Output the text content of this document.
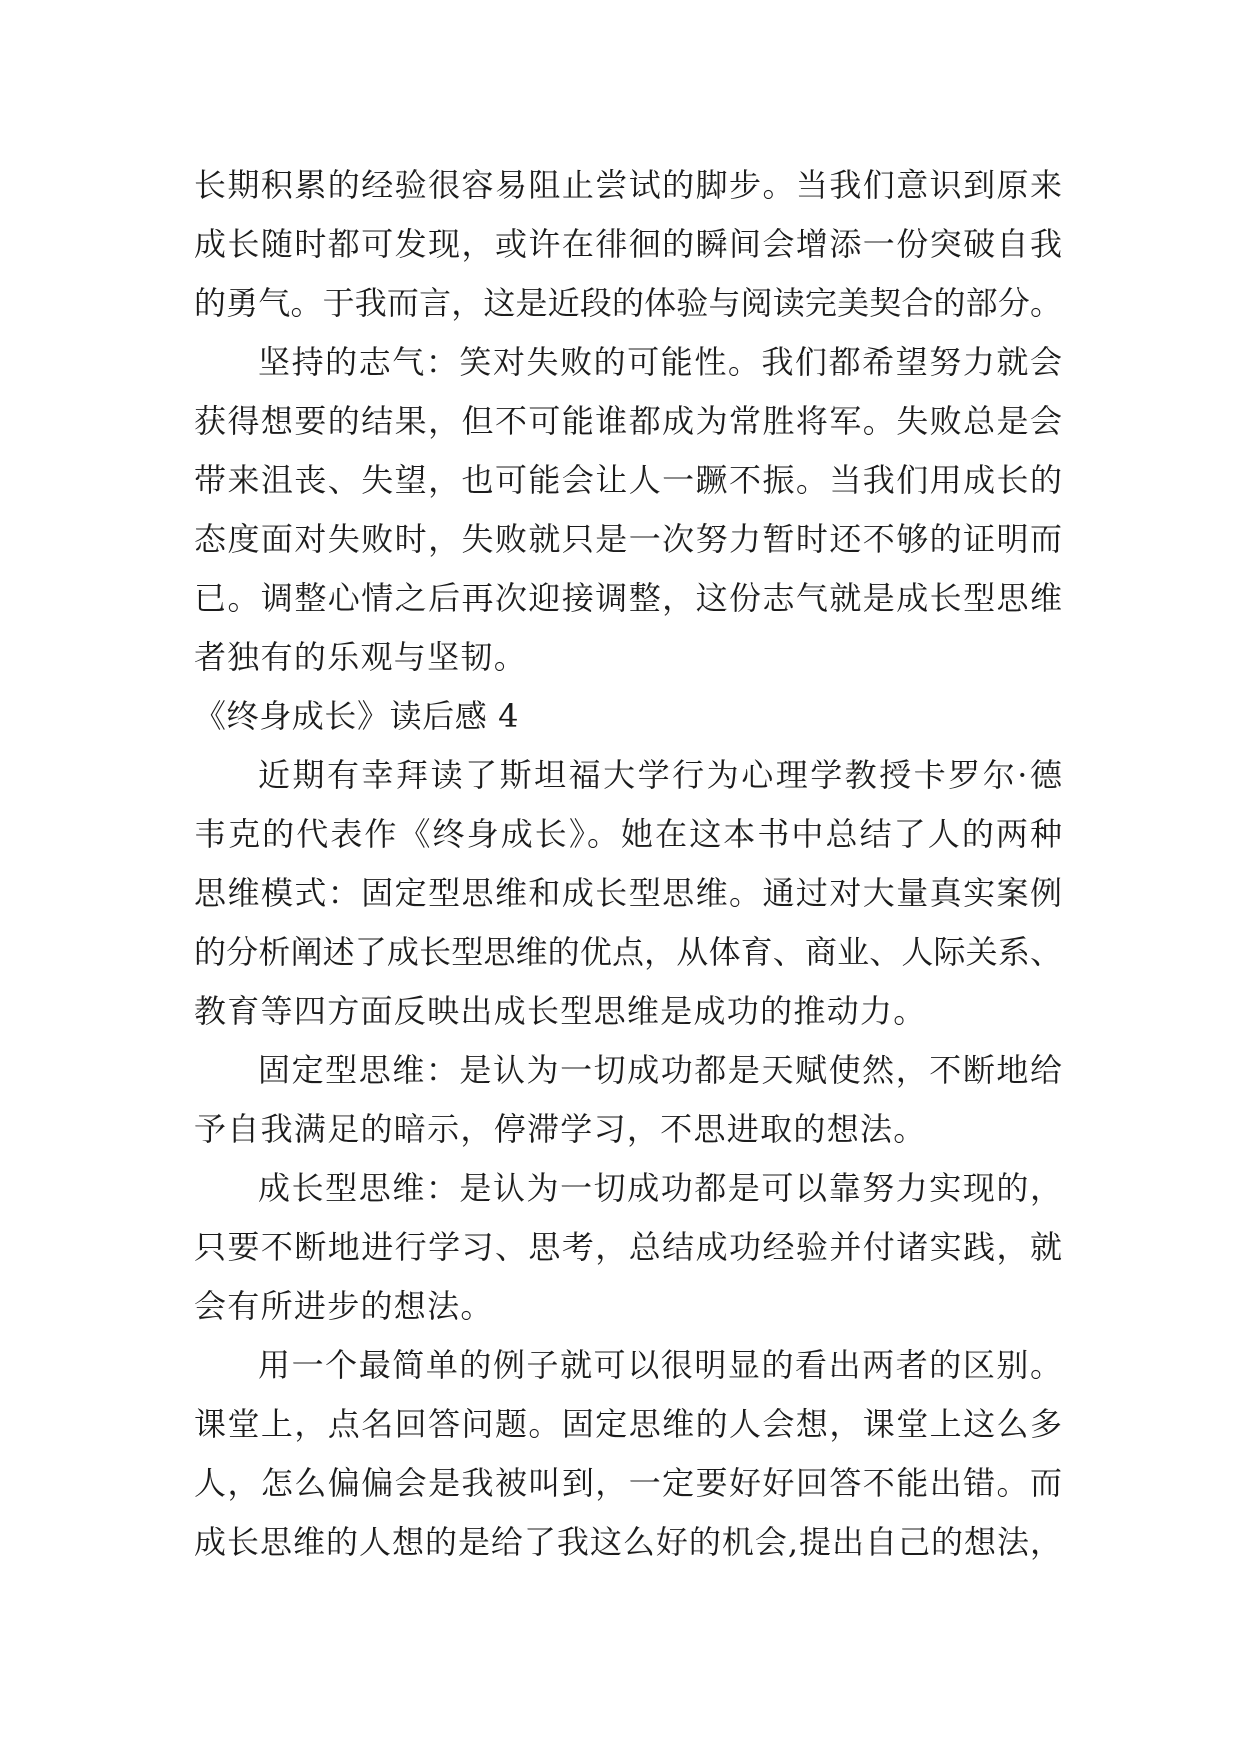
长期积累的经验很容易阻止尝试的脚步。当我们意识到原来
成长随时都可发现，或许在徘徊的瞬间会增添一份突破自我
的勇气。于我而言，这是近段的体验与阅读完美契合的部分。
坚持的志气：笑对失败的可能性。我们都希望努力就会
获得想要的结果，但不可能谁都成为常胜将军。失败总是会
带来沮丧、失望，也可能会让人一蹶不振。当我们用成长的
态度面对失败时，失败就只是一次努力暂时还不够的证明而
已。调整心情之后再次迎接调整，这份志气就是成长型思维
者独有的乐观与坚韧。
《终身成长》读后感 4
近期有幸拜读了斯坦福大学行为心理学教授卡罗尔·德
韦克的代表作《终身成长》。她在这本书中总结了人的两种
思维模式：固定型思维和成长型思维。通过对大量真实案例
的分析阐述了成长型思维的优点，从体育、商业、人际关系、
教育等四方面反映出成长型思维是成功的推动力。
固定型思维：是认为一切成功都是天赋使然，不断地给
予自我满足的暗示，停滞学习，不思进取的想法。
成长型思维：是认为一切成功都是可以靠努力实现的，
只要不断地进行学习、思考，总结成功经验并付诸实践，就
会有所进步的想法。
用一个最简单的例子就可以很明显的看出两者的区别。
课堂上，点名回答问题。固定思维的人会想，课堂上这么多
人，怎么偏偏会是我被叫到，一定要好好回答不能出错。而
成长思维的人想的是给了我这么好的机会,提出自己的想法，
